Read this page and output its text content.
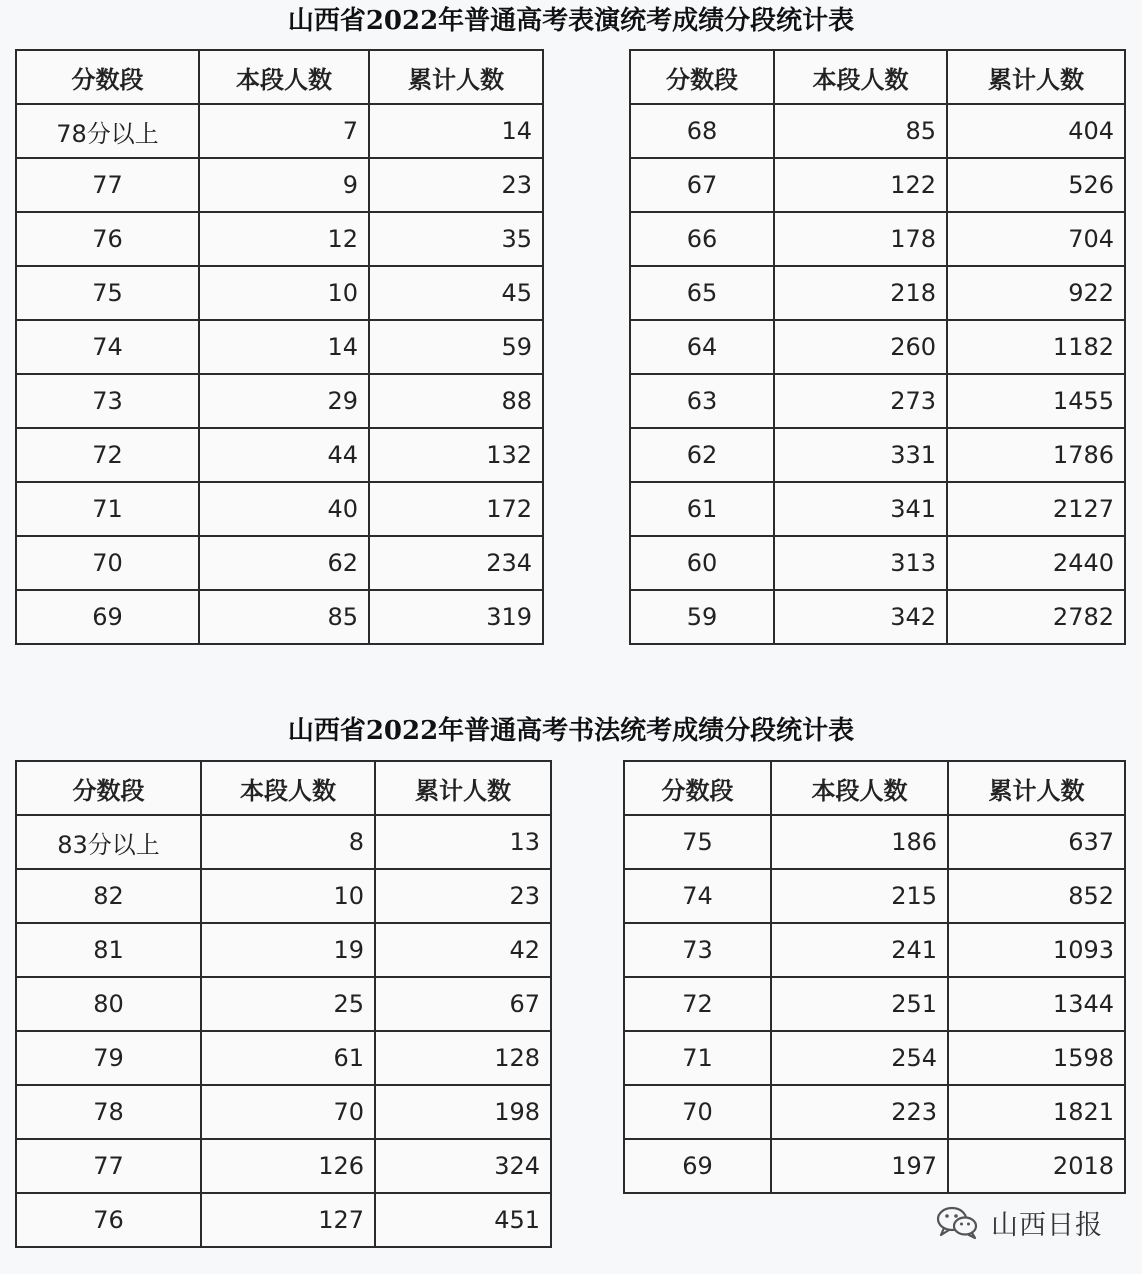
山西省2022年普通高考表演统考成绩分段统计表
分数段	本段人数	累计人数
78分以上	7	14
77	9	23
76	12	35
75	10	45
74	14	59
73	29	88
72	44	132
71	40	172
70	62	234
69	85	319
分数段	本段人数	累计人数
68	85	404
67	122	526
66	178	704
65	218	922
64	260	1182
63	273	1455
62	331	1786
61	341	2127
60	313	2440
59	342	2782
山西省2022年普通高考书法统考成绩分段统计表
分数段	本段人数	累计人数
83分以上	8	13
82	10	23
81	19	42
80	25	67
79	61	128
78	70	198
77	126	324
76	127	451
分数段	本段人数	累计人数
75	186	637
74	215	852
73	241	1093
72	251	1344
71	254	1598
70	223	1821
69	197	2018
山西日报
